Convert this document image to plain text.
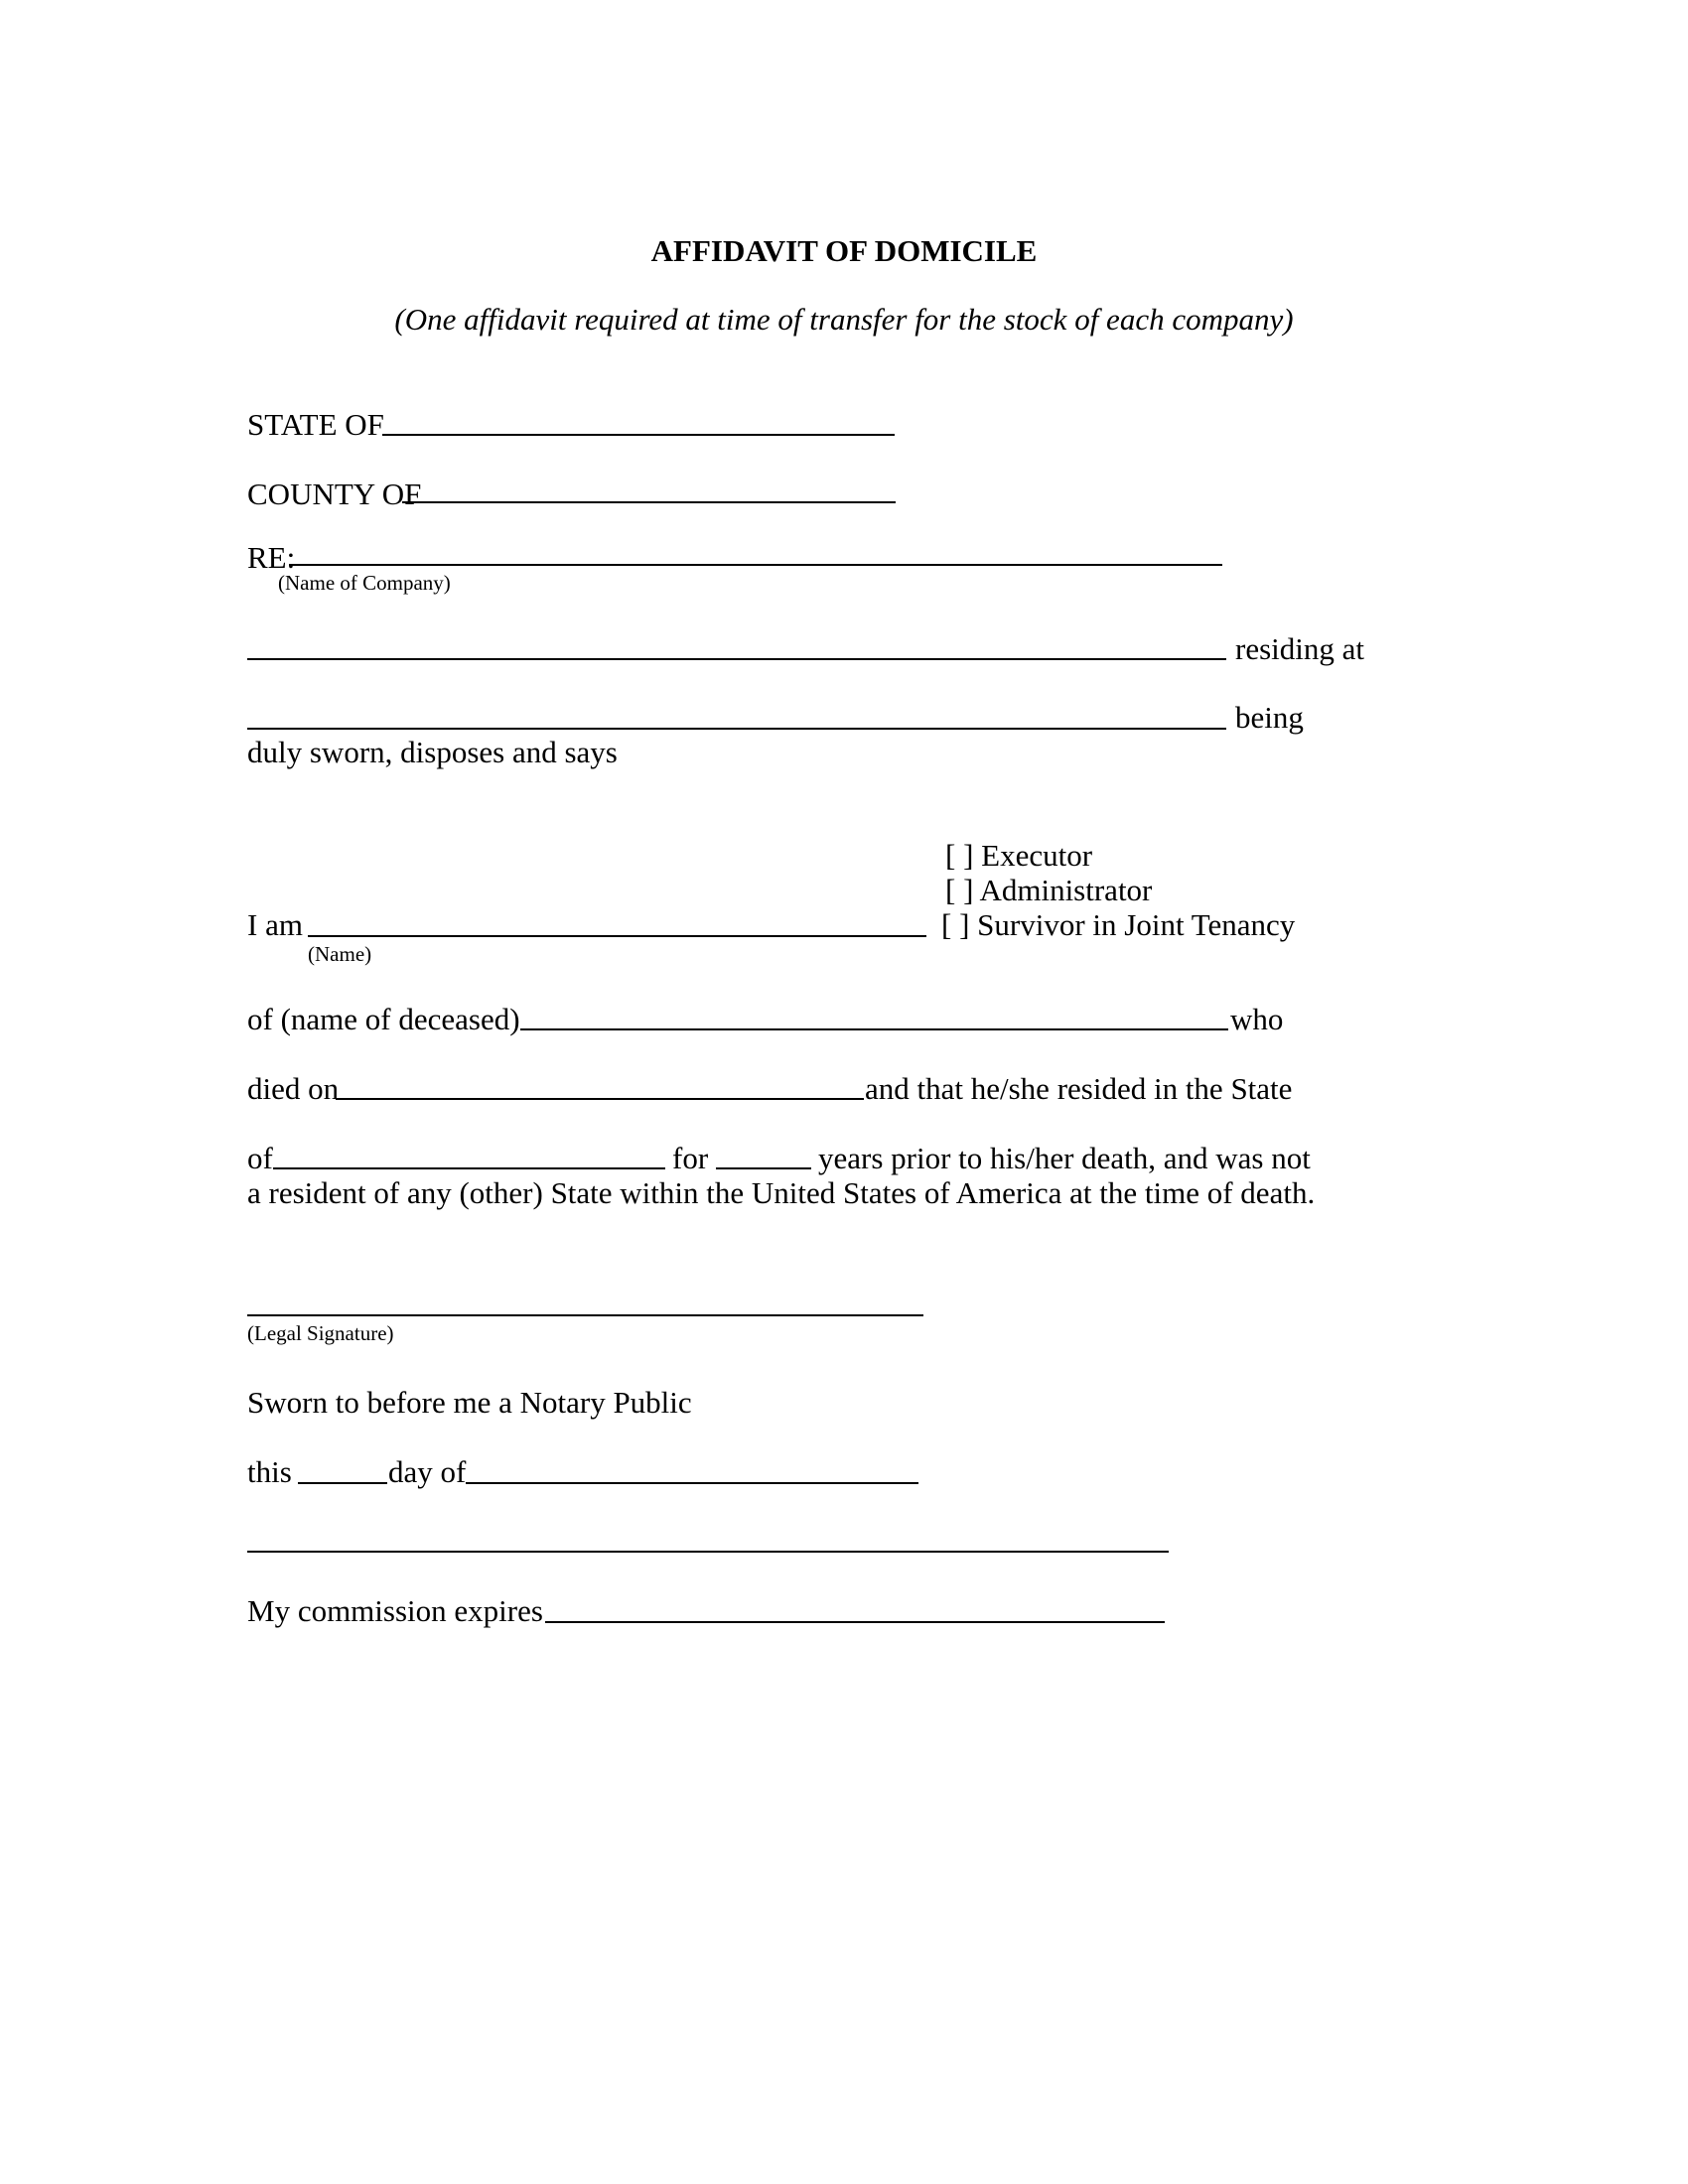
AFFIDAVIT OF DOMICILE
(One affidavit required at time of transfer for the stock of each company)
STATE OF
COUNTY OF
RE:
(Name of Company)
residing at
being
duly sworn, disposes and says
[ ] Executor
[ ] Administrator
[ ] Survivor in Joint Tenancy
I am
(Name)
of (name of deceased)	who
died on	and that he/she resided in the State
of	for	years prior to his/her death, and was not
a resident of any (other) State within the United States of America at the time of death.
(Legal Signature)
Sworn to before me a Notary Public
this	day of
My commission expires
